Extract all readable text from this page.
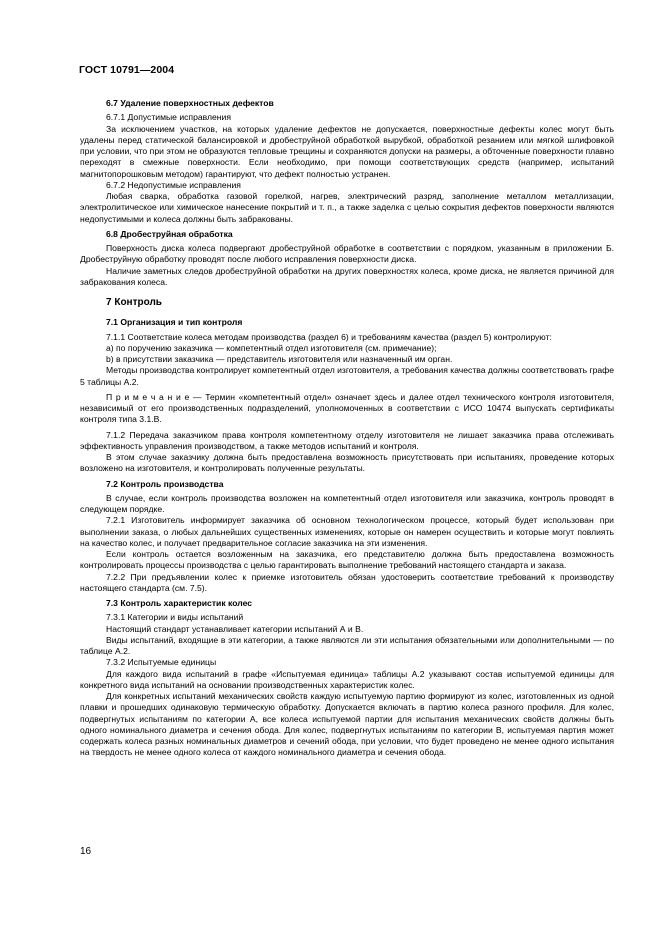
ГОСТ 10791—2004

6.7 Удаление поверхностных дефектов

6.7.1 Допустимые исправления

За исключением участков, на которых удаление дефектов не допускается, поверхностные дефекты колес могут быть удалены перед статической балансировкой и дробеструйной обработкой вырубкой, обработкой резанием или мягкой шлифовкой при условии, что при этом не образуются тепловые трещины и сохраняются допуски на размеры, а обточенные поверхности плавно переходят в смежные поверхности. Если необходимо, при помощи соответствующих средств (например, испытаний магнитопорошковым методом) гарантируют, что дефект полностью устранен.

6.7.2 Недопустимые исправления

Любая сварка, обработка газовой горелкой, нагрев, электрический разряд, заполнение металлом металлизации, электролитическое или химическое нанесение покрытий и т. п., а также заделка с целью сокрытия дефектов поверхности являются недопустимыми и колеса должны быть забракованы.

6.8 Дробеструйная обработка

Поверхность диска колеса подвергают дробеструйной обработке в соответствии с порядком, указанным в приложении Б. Дробеструйную обработку проводят после любого исправления поверхности диска.

Наличие заметных следов дробеструйной обработки на других поверхностях колеса, кроме диска, не является причиной для забракования колеса.

7 Контроль

7.1 Организация и тип контроля

7.1.1 Соответствие колеса методам производства (раздел 6) и требованиям качества (раздел 5) контролируют:

а) по поручению заказчика — компетентный отдел изготовителя (см. примечание);

b) в присутствии заказчика — представитель изготовителя или назначенный им орган.

Методы производства контролирует компетентный отдел изготовителя, а требования качества должны соответствовать графе 5 таблицы А.2.

П р и м е ч а н и е — Термин «компетентный отдел» означает здесь и далее отдел технического контроля изготовителя, независимый от его производственных подразделений, уполномоченных в соответствии с ИСО 10474 выпускать сертификаты контроля типа 3.1.В.

7.1.2 Передача заказчиком права контроля компетентному отделу изготовителя не лишает заказчика права отслеживать эффективность управления производством, а также методов испытаний и контроля.

В этом случае заказчику должна быть предоставлена возможность присутствовать при испытаниях, проведение которых возложено на изготовителя, и контролировать полученные результаты.

7.2 Контроль производства

В случае, если контроль производства возложен на компетентный отдел изготовителя или заказчика, контроль проводят в следующем порядке.

7.2.1 Изготовитель информирует заказчика об основном технологическом процессе, который будет использован при выполнении заказа, о любых дальнейших существенных изменениях, которые он намерен осуществить и которые могут повлиять на качество колес, и получает предварительное согласие заказчика на эти изменения.

Если контроль остается возложенным на заказчика, его представителю должна быть предоставлена возможность контролировать процессы производства с целью гарантировать выполнение требований настоящего стандарта и заказа.

7.2.2 При предъявлении колес к приемке изготовитель обязан удостоверить соответствие требований к производству настоящего стандарта (см. 7.5).

7.3 Контроль характеристик колес

7.3.1 Категории и виды испытаний

Настоящий стандарт устанавливает категории испытаний А и В.

Виды испытаний, входящие в эти категории, а также являются ли эти испытания обязательными или дополнительными — по таблице А.2.

7.3.2 Испытуемые единицы

Для каждого вида испытаний в графе «Испытуемая единица» таблицы А.2 указывают состав испытуемой единицы для конкретного вида испытаний на основании производственных характеристик колес.

Для конкретных испытаний механических свойств каждую испытуемую партию формируют из колес, изготовленных из одной плавки и прошедших одинаковую термическую обработку. Допускается включать в партию колеса разного профиля. Для колес, подвергнутых испытаниям по категории А, все колеса испытуемой партии для испытания механических свойств должны быть одного номинального диаметра и сечения обода. Для колес, подвергнутых испытаниям по категории В, испытуемая партия может содержать колеса разных номинальных диаметров и сечений обода, при условии, что будет проведено не менее одного испытания на твердость не менее одного колеса от каждого номинального диаметра и сечения обода.

16
